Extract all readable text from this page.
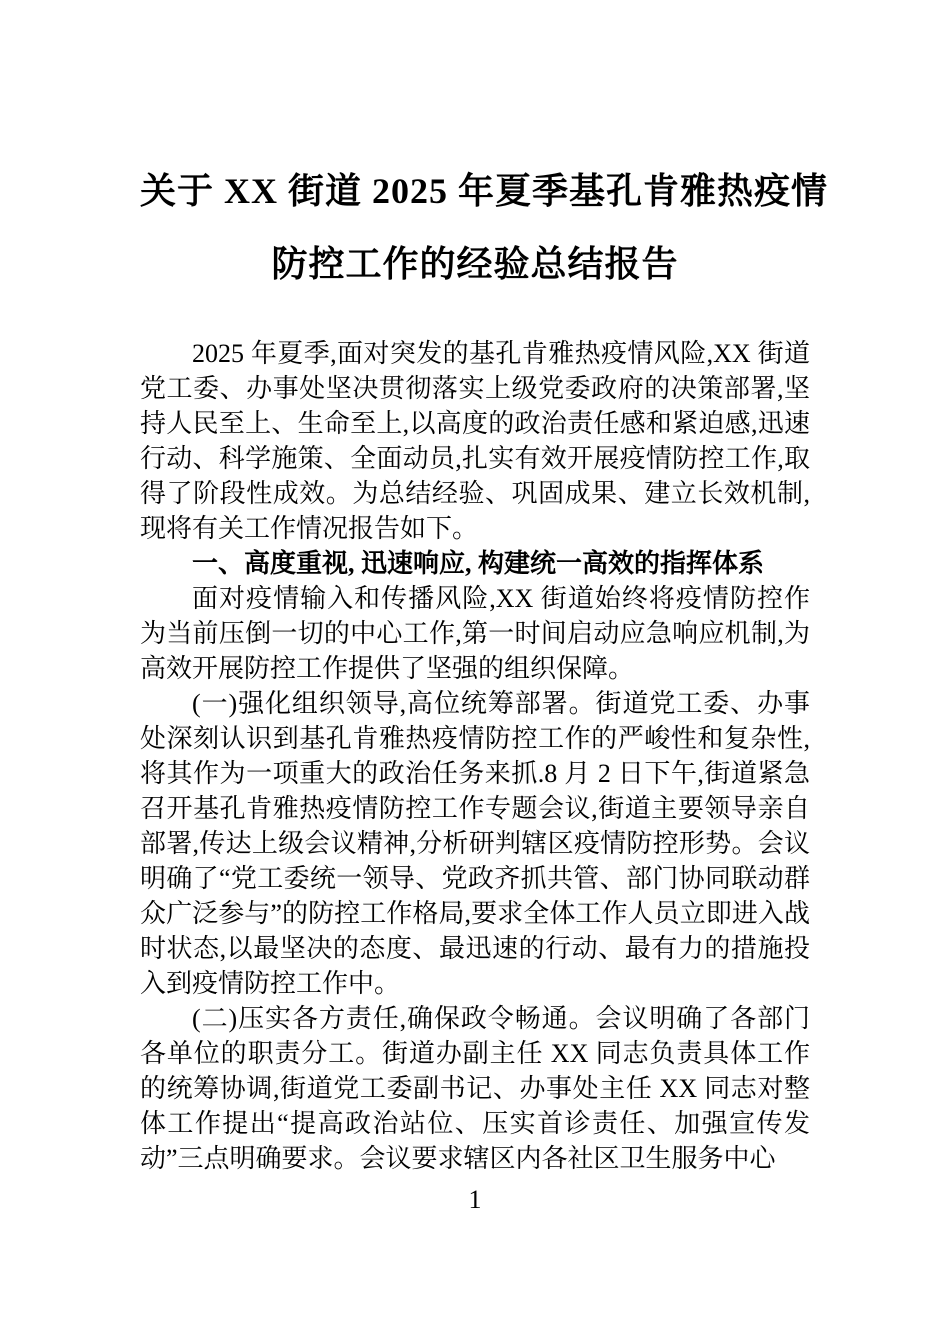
关于 XX 街道 2025 年夏季基孔肯雅热疫情
防控工作的经验总结报告

2025 年夏季,面对突发的基孔肯雅热疫情风险,XX 街道党工委、办事处坚决贯彻落实上级党委政府的决策部署,坚持人民至上、生命至上,以高度的政治责任感和紧迫感,迅速行动、科学施策、全面动员,扎实有效开展疫情防控工作,取得了阶段性成效。为总结经验、巩固成果、建立长效机制,现将有关工作情况报告如下。

一、高度重视, 迅速响应, 构建统一高效的指挥体系

面对疫情输入和传播风险,XX 街道始终将疫情防控作为当前压倒一切的中心工作,第一时间启动应急响应机制,为高效开展防控工作提供了坚强的组织保障。

(一)强化组织领导,高位统筹部署。街道党工委、办事处深刻认识到基孔肯雅热疫情防控工作的严峻性和复杂性,将其作为一项重大的政治任务来抓.8 月 2 日下午,街道紧急召开基孔肯雅热疫情防控工作专题会议,街道主要领导亲自部署,传达上级会议精神,分析研判辖区疫情防控形势。会议明确了“党工委统一领导、党政齐抓共管、部门协同联动群众广泛参与”的防控工作格局,要求全体工作人员立即进入战时状态,以最坚决的态度、最迅速的行动、最有力的措施投入到疫情防控工作中。

(二)压实各方责任,确保政令畅通。会议明确了各部门各单位的职责分工。街道办副主任 XX 同志负责具体工作的统筹协调,街道党工委副书记、办事处主任 XX 同志对整体工作提出“提高政治站位、压实首诊责任、加强宣传发动”三点明确要求。会议要求辖区内各社区卫生服务中心

1
